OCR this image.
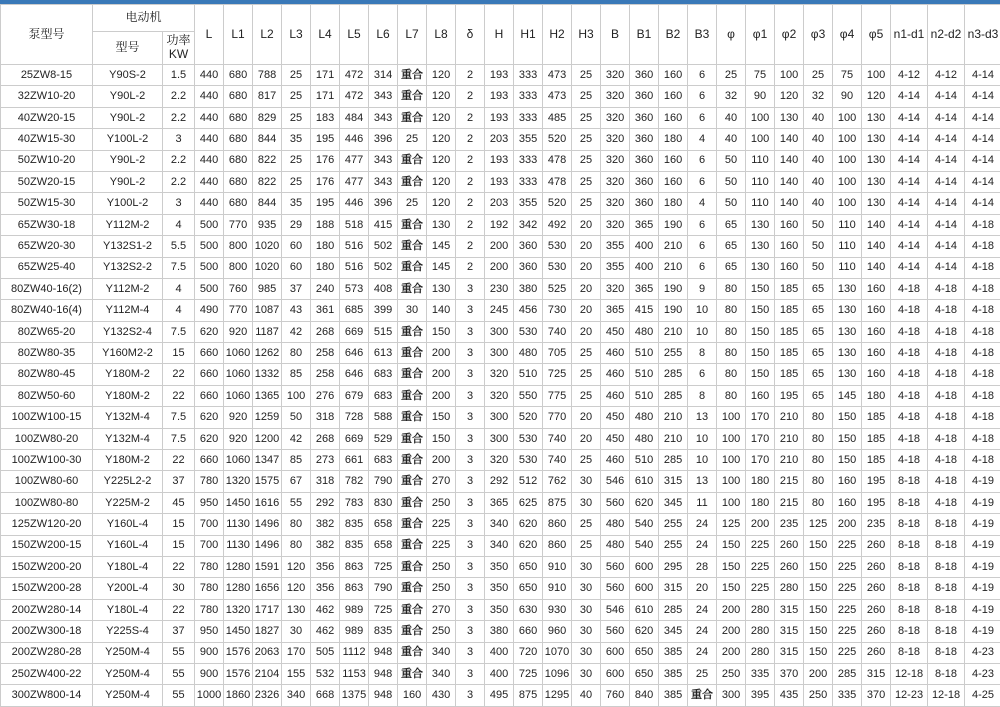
泵型号	电动机		L	L1	L2	L3	L4	L5	L6	L7	L8	δ	H	H1	H2	H3	B	B1	B2	B3	φ	φ1	φ2	φ3	φ4	φ5	n1-d1	n2-d2	n3-d3
	型号	功率
KW																											
25ZW8-15	Y90S-2	1.5	440	680	788	25	171	472	314	重合	120	2	193	333	473	25	320	360	160	6	25	75	100	25	75	100	4-12	4-12	4-14
32ZW10-20	Y90L-2	2.2	440	680	817	25	171	472	343	重合	120	2	193	333	473	25	320	360	160	6	32	90	120	32	90	120	4-14	4-14	4-14
40ZW20-15	Y90L-2	2.2	440	680	829	25	183	484	343	重合	120	2	193	333	485	25	320	360	160	6	40	100	130	40	100	130	4-14	4-14	4-14
40ZW15-30	Y100L-2	3	440	680	844	35	195	446	396	25	120	2	203	355	520	25	320	360	180	4	40	100	140	40	100	130	4-14	4-14	4-14
50ZW10-20	Y90L-2	2.2	440	680	822	25	176	477	343	重合	120	2	193	333	478	25	320	360	160	6	50	110	140	40	100	130	4-14	4-14	4-14
50ZW20-15	Y90L-2	2.2	440	680	822	25	176	477	343	重合	120	2	193	333	478	25	320	360	160	6	50	110	140	40	100	130	4-14	4-14	4-14
50ZW15-30	Y100L-2	3	440	680	844	35	195	446	396	25	120	2	203	355	520	25	320	360	180	4	50	110	140	40	100	130	4-14	4-14	4-14
65ZW30-18	Y112M-2	4	500	770	935	29	188	518	415	重合	130	2	192	342	492	20	320	365	190	6	65	130	160	50	110	140	4-14	4-14	4-18
65ZW20-30	Y132S1-2	5.5	500	800	1020	60	180	516	502	重合	145	2	200	360	530	20	355	400	210	6	65	130	160	50	110	140	4-14	4-14	4-18
65ZW25-40	Y132S2-2	7.5	500	800	1020	60	180	516	502	重合	145	2	200	360	530	20	355	400	210	6	65	130	160	50	110	140	4-14	4-14	4-18
80ZW40-16(2)	Y112M-2	4	500	760	985	37	240	573	408	重合	130	3	230	380	525	20	320	365	190	9	80	150	185	65	130	160	4-18	4-18	4-18
80ZW40-16(4)	Y112M-4	4	490	770	1087	43	361	685	399	30	140	3	245	456	730	20	365	415	190	10	80	150	185	65	130	160	4-18	4-18	4-18
80ZW65-20	Y132S2-4	7.5	620	920	1187	42	268	669	515	重合	150	3	300	530	740	20	450	480	210	10	80	150	185	65	130	160	4-18	4-18	4-18
80ZW80-35	Y160M2-2	15	660	1060	1262	80	258	646	613	重合	200	3	300	480	705	25	460	510	255	8	80	150	185	65	130	160	4-18	4-18	4-18
80ZW80-45	Y180M-2	22	660	1060	1332	85	258	646	683	重合	200	3	320	510	725	25	460	510	285	6	80	150	185	65	130	160	4-18	4-18	4-18
80ZW50-60	Y180M-2	22	660	1060	1365	100	276	679	683	重合	200	3	320	550	775	25	460	510	285	8	80	160	195	65	145	180	4-18	4-18	4-18
100ZW100-15	Y132M-4	7.5	620	920	1259	50	318	728	588	重合	150	3	300	520	770	20	450	480	210	13	100	170	210	80	150	185	4-18	4-18	4-18
100ZW80-20	Y132M-4	7.5	620	920	1200	42	268	669	529	重合	150	3	300	530	740	20	450	480	210	10	100	170	210	80	150	185	4-18	4-18	4-18
100ZW100-30	Y180M-2	22	660	1060	1347	85	273	661	683	重合	200	3	320	530	740	25	460	510	285	10	100	170	210	80	150	185	4-18	4-18	4-18
100ZW80-60	Y225L2-2	37	780	1320	1575	67	318	782	790	重合	270	3	292	512	762	30	546	610	315	13	100	180	215	80	160	195	8-18	4-18	4-19
100ZW80-80	Y225M-2	45	950	1450	1616	55	292	783	830	重合	250	3	365	625	875	30	560	620	345	11	100	180	215	80	160	195	8-18	4-18	4-19
125ZW120-20	Y160L-4	15	700	1130	1496	80	382	835	658	重合	225	3	340	620	860	25	480	540	255	24	125	200	235	125	200	235	8-18	8-18	4-19
150ZW200-15	Y160L-4	15	700	1130	1496	80	382	835	658	重合	225	3	340	620	860	25	480	540	255	24	150	225	260	150	225	260	8-18	8-18	4-19
150ZW200-20	Y180L-4	22	780	1280	1591	120	356	863	725	重合	250	3	350	650	910	30	560	600	295	28	150	225	260	150	225	260	8-18	8-18	4-19
150ZW200-28	Y200L-4	30	780	1280	1656	120	356	863	790	重合	250	3	350	650	910	30	560	600	315	20	150	225	280	150	225	260	8-18	8-18	4-19
200ZW280-14	Y180L-4	22	780	1320	1717	130	462	989	725	重合	270	3	350	630	930	30	546	610	285	24	200	280	315	150	225	260	8-18	8-18	4-19
200ZW300-18	Y225S-4	37	950	1450	1827	30	462	989	835	重合	250	3	380	660	960	30	560	620	345	24	200	280	315	150	225	260	8-18	8-18	4-19
200ZW280-28	Y250M-4	55	900	1576	2063	170	505	1112	948	重合	340	3	400	720	1070	30	600	650	385	24	200	280	315	150	225	260	8-18	8-18	4-23
250ZW400-22	Y250M-4	55	900	1576	2104	155	532	1153	948	重合	340	3	400	725	1096	30	600	650	385	25	250	335	370	200	285	315	12-18	8-18	4-23
300ZW800-14	Y250M-4	55	1000	1860	2326	340	668	1375	948	160	430	3	495	875	1295	40	760	840	385	重合	300	395	435	250	335	370	12-23	12-18	4-25
